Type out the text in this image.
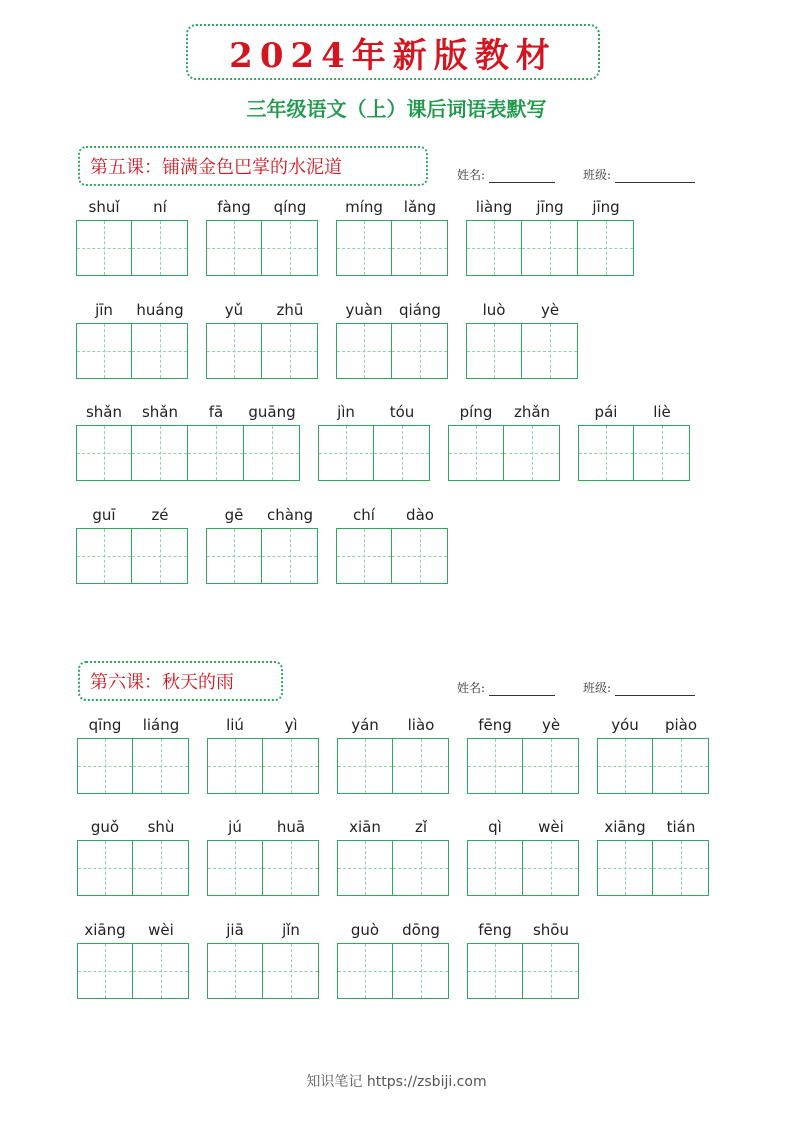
2024年新版教材
三年级语文（上）课后词语表默写
第五课：铺满金色巴掌的水泥道	姓名:	班级:
第六课：秋天的雨	姓名:	班级:
shuǐ	ní	fàng	qíng	míng	lǎng	liàng	jīng	jīng
jīn	huáng	yǔ	zhū	yuàn	qiáng	luò	yè
shǎn	shǎn	fā	guāng	jìn	tóu	píng	zhǎn	pái	liè
guī	zé	gē	chàng	chí	dào
qīng	liáng	liú	yì	yán	liào	fēng	yè	yóu	piào
guǒ	shù	jú	huā	xiān	zǐ	qì	wèi	xiāng	tián
xiāng	wèi	jiā	jǐn	guò	dōng	fēng	shōu
知识笔记 https://zsbiji.com
